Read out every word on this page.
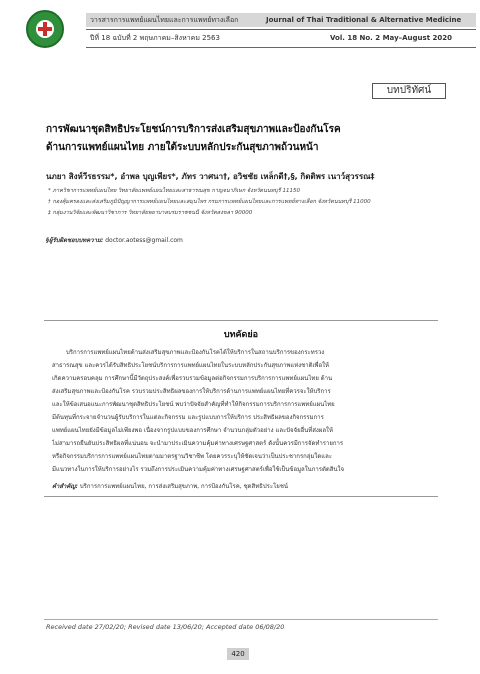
วารสารการแพทย์แผนไทยและการแพทย์ทางเลือก	Journal of Thai Traditional & Alternative Medicine
ปีที่ 18 ฉบับที่ 2 พฤษภาคม–สิงหาคม 2563	Vol. 18 No. 2 May–August 2020
บทปริทัศน์
การพัฒนาชุดสิทธิประโยชน์การบริการส่งเสริมสุขภาพและป้องกันโรค
ด้านการแพทย์แผนไทย ภายใต้ระบบหลักประกันสุขภาพถ้วนหน้า
นภยา สิงห์วีรธรรม*, อำพล บุญเพียร*, ภัทร วาศนา†, อวิชชัย เหล็กดี†,§, กิตติพร เนาว์สุวรรณ‡
* ภาควิชาการแพทย์แผนไทย วิทยาลัยแพทย์แผนไทยและสาธารณสุข กาญจนาภิเษก จังหวัดนนทบุรี 11150
† กองคุ้มครองและส่งเสริมภูมิปัญญาการแพทย์แผนไทยและสมุนไพร กรมการแพทย์แผนไทยและการแพทย์ทางเลือก จังหวัดนนทบุรี 11000
‡ กลุ่มงานวิจัยและพัฒนาวิชาการ วิทยาลัยพยาบาลบรมราชชนนี จังหวัดสงขลา 90000
§ผู้รับผิดชอบบทความ: doctor.aotess@gmail.com
บทคัดย่อ
บริการการแพทย์แผนไทยด้านส่งเสริมสุขภาพและป้องกันโรคได้ให้บริการในสถานบริการของกระทรวง
สาธารณสุข และควรได้รับสิทธิประโยชน์บริการการแพทย์แผนไทยในระบบหลักประกันสุขภาพแห่งชาติเพื่อให้
เกิดความครอบคลุม การศึกษานี้มีวัตถุประสงค์เพื่อรวบรวมข้อมูลต่อกิจกรรมการบริการการแพทย์แผนไทย ด้าน
ส่งเสริมสุขภาพและป้องกันโรค รวบรวมประสิทธิผลของการให้บริการด้านการแพทย์แผนไทยที่ควรจะให้บริการ
และให้ข้อเสนอแนะการพัฒนาชุดสิทธิประโยชน์ พบว่าปัจจัยสำคัญที่ทำให้กิจกรรมการบริการการแพทย์แผนไทย
มีต้นทุนที่กระจายจำนวนผู้รับบริการในแต่ละกิจกรรม และรูปแบบการให้บริการ ประสิทธิผลของกิจกรรมการ
แพทย์แผนไทยยังมีข้อมูลไม่เพียงพอ เนื่องจากรูปแบบของการศึกษา จำนวนกลุ่มตัวอย่าง และปัจจัยอื่นที่ส่งผลให้
ไม่สามารถยืนยันประสิทธิผลที่แน่นอน จะนำมาประเมินความคุ้มค่าทางเศรษฐศาสตร์ ดังนั้นควรมีการจัดทำรายการ
หรือกิจกรรมบริการการแพทย์แผนไทยตามมาตรฐานวิชาชีพ โดยควรระบุให้ชัดเจนว่าเป็นประชากรกลุ่มใดและ
มีแนวทางในการให้บริการอย่างไร รวมถึงการประเมินความคุ้มค่าทางเศรษฐศาสตร์เพื่อใช้เป็นข้อมูลในการตัดสินใจ
คำสำคัญ: บริการการแพทย์แผนไทย, การส่งเสริมสุขภาพ, การป้องกันโรค, ชุดสิทธิประโยชน์
Received date 27/02/20; Revised date 13/06/20; Accepted date 06/08/20
420
